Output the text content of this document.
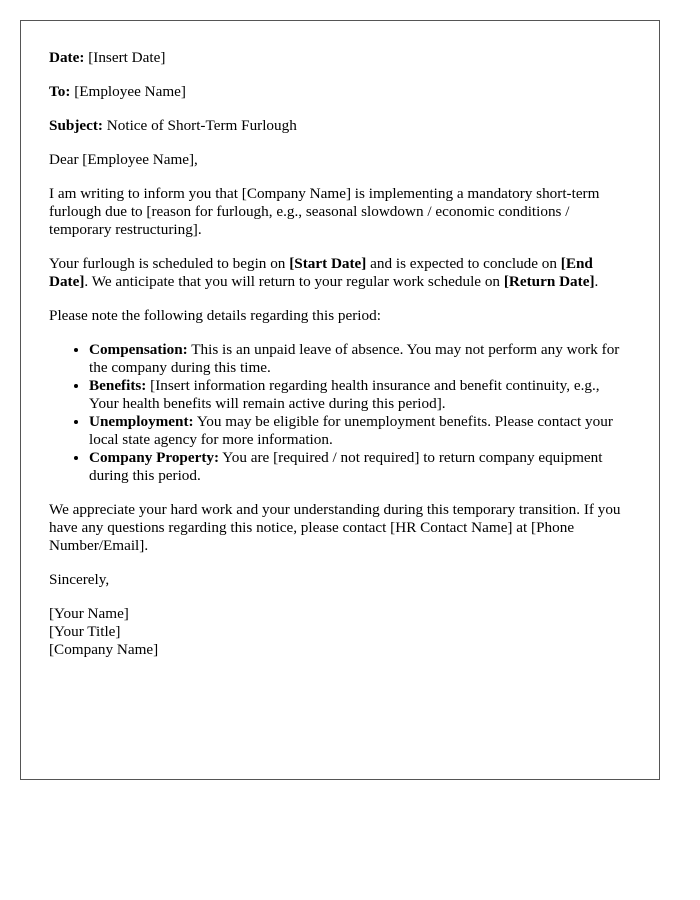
Date: [Insert Date]

To: [Employee Name]

Subject: Notice of Short-Term Furlough

Dear [Employee Name],

I am writing to inform you that [Company Name] is implementing a mandatory short-term furlough due to [reason for furlough, e.g., seasonal slowdown / economic conditions / temporary restructuring].

Your furlough is scheduled to begin on [Start Date] and is expected to conclude on [End Date]. We anticipate that you will return to your regular work schedule on [Return Date].

Please note the following details regarding this period:

• Compensation: This is an unpaid leave of absence. You may not perform any work for the company during this time.
• Benefits: [Insert information regarding health insurance and benefit continuity, e.g., Your health benefits will remain active during this period].
• Unemployment: You may be eligible for unemployment benefits. Please contact your local state agency for more information.
• Company Property: You are [required / not required] to return company equipment during this period.

We appreciate your hard work and your understanding during this temporary transition. If you have any questions regarding this notice, please contact [HR Contact Name] at [Phone Number/Email].

Sincerely,

[Your Name]
[Your Title]
[Company Name]
